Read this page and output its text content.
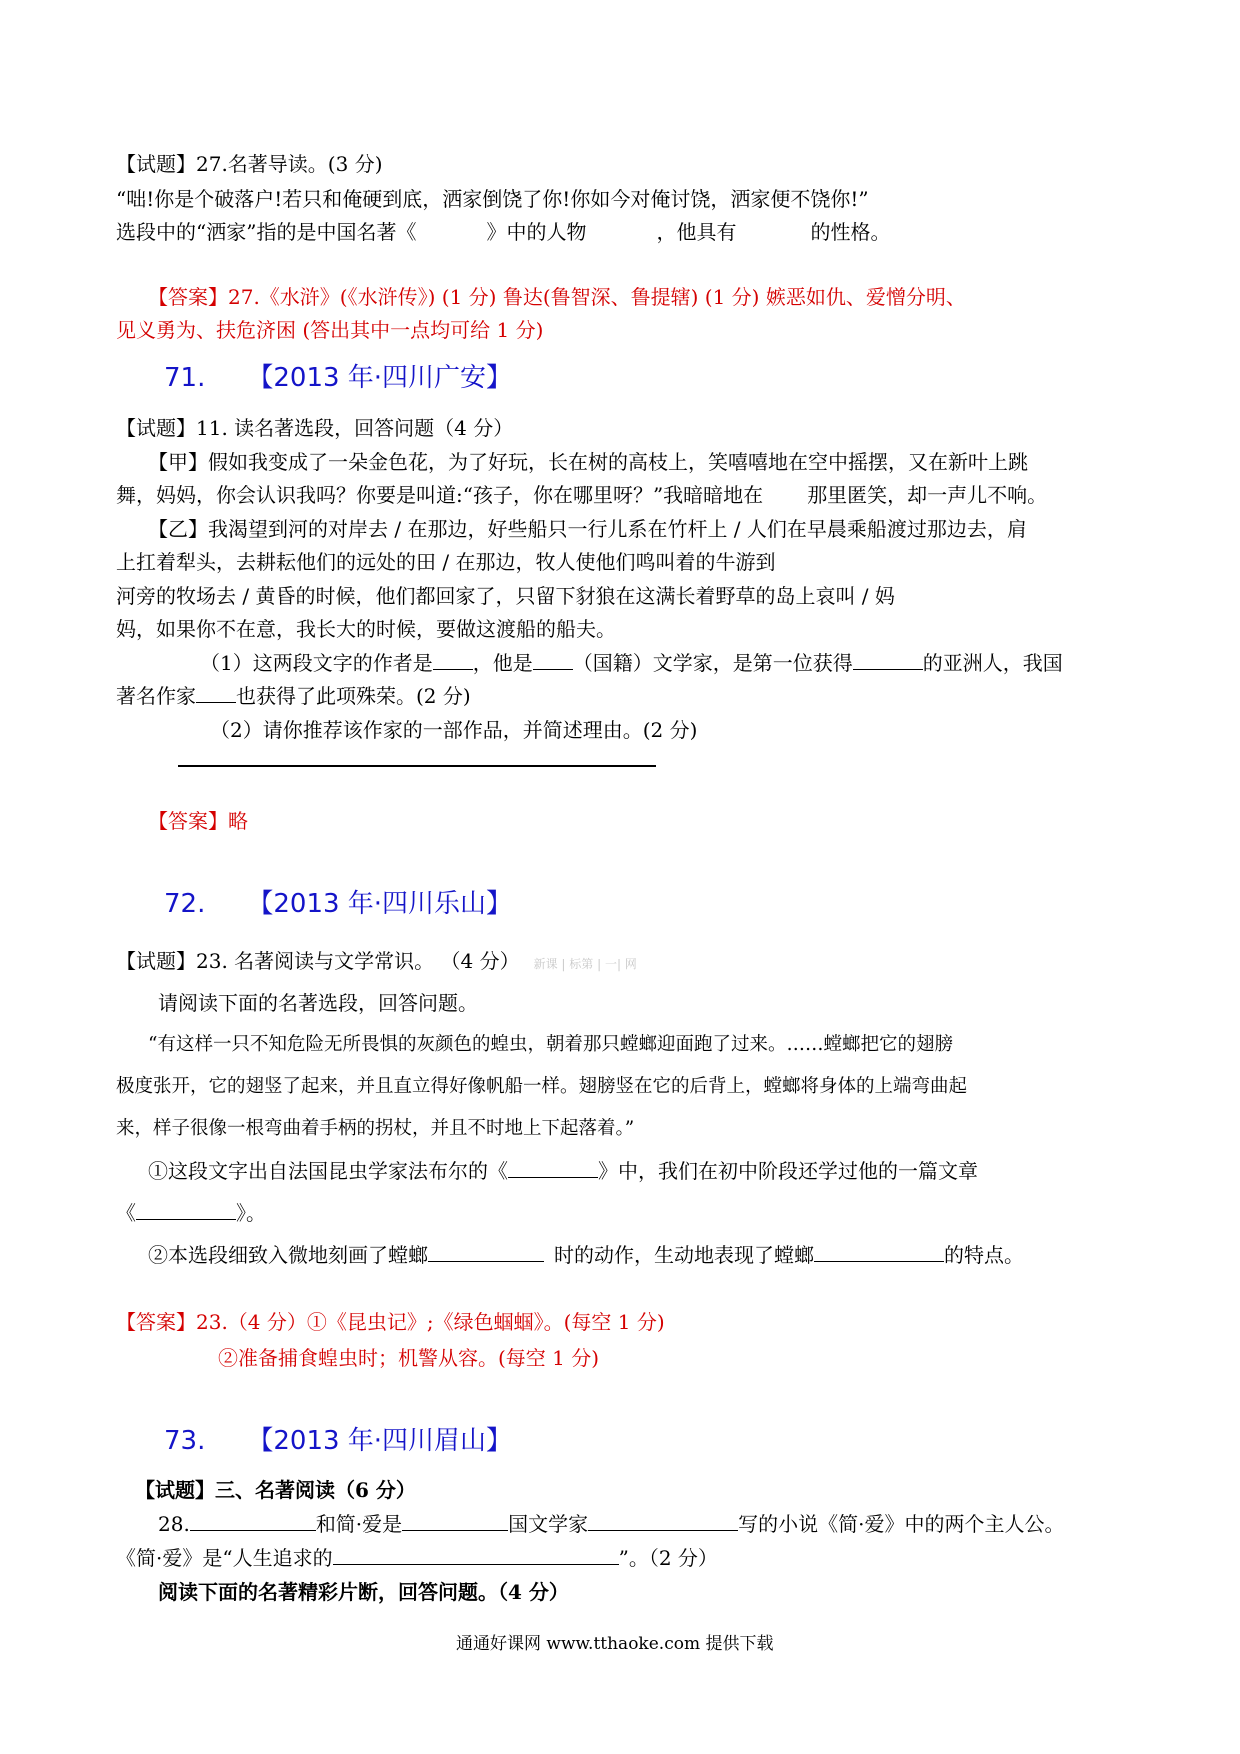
【试题】27.名著导读。(3 分)
“咄!你是个破落户!若只和俺硬到底，洒家倒饶了你!你如今对俺讨饶，洒家便不饶你!”
选段中的“洒家”指的是中国名著《	》中的人物	，他具有	的性格。
【答案】27.《水浒》(《水浒传》) (1 分) 鲁达(鲁智深、鲁提辖) (1 分) 嫉恶如仇、爱憎分明、
见义勇为、扶危济困 (答出其中一点均可给 1 分)
71. 【2013 年·四川广安】
【试题】11. 读名著选段，回答问题（4 分）
【甲】假如我变成了一朵金色花，为了好玩，长在树的高枝上，笑嘻嘻地在空中摇摆，又在新叶上跳
舞，妈妈，你会认识我吗？你要是叫道:“孩子，你在哪里呀？”我暗暗地在 那里匿笑，却一声儿不响。
【乙】我渴望到河的对岸去 / 在那边，好些船只一行儿系在竹杆上 / 人们在早晨乘船渡过那边去，肩
上扛着犁头，去耕耘他们的远处的田 / 在那边，牧人使他们鸣叫着的牛游到
河旁的牧场去 / 黄昏的时候，他们都回家了，只留下豺狼在这满长着野草的岛上哀叫 / 妈
妈，如果你不在意，我长大的时候，要做这渡船的船夫。
（1）这两段文字的作者是 ，他是 （国籍）文学家，是第一位获得	的亚洲人，我国
著名作家 也获得了此项殊荣。(2 分)
（2）请你推荐该作家的一部作品，并简述理由。(2 分)
【答案】略
72. 【2013 年·四川乐山】
【试题】23. 名著阅读与文学常识。 （4 分） 新课 | 标第 | 一| 网
请阅读下面的名著选段，回答问题。
“有这样一只不知危险无所畏惧的灰颜色的蝗虫，朝着那只螳螂迎面跑了过来。……螳螂把它的翅膀
极度张开，它的翅竖了起来，并且直立得好像帆船一样。翅膀竖在它的后背上，螳螂将身体的上端弯曲起
来，样子很像一根弯曲着手柄的拐杖，并且不时地上下起落着。”
①这段文字出自法国昆虫学家法布尔的《	》中，我们在初中阶段还学过他的一篇文章
《	》。
②本选段细致入微地刻画了螳螂	时的动作，生动地表现了螳螂	的特点。
【答案】23.（4 分）①《昆虫记》;《绿色蝈蝈》。(每空 1 分)
②准备捕食蝗虫时；机警从容。(每空 1 分)
73. 【2013 年·四川眉山】
【试题】三、名著阅读（6 分）
28.	和简·爱是	国文学家	写的小说《简·爱》中的两个主人公。
《简·爱》是“人生追求的	”。（2 分）
阅读下面的名著精彩片断，回答问题。（4 分）
通通好课网 www.tthaoke.com 提供下载
